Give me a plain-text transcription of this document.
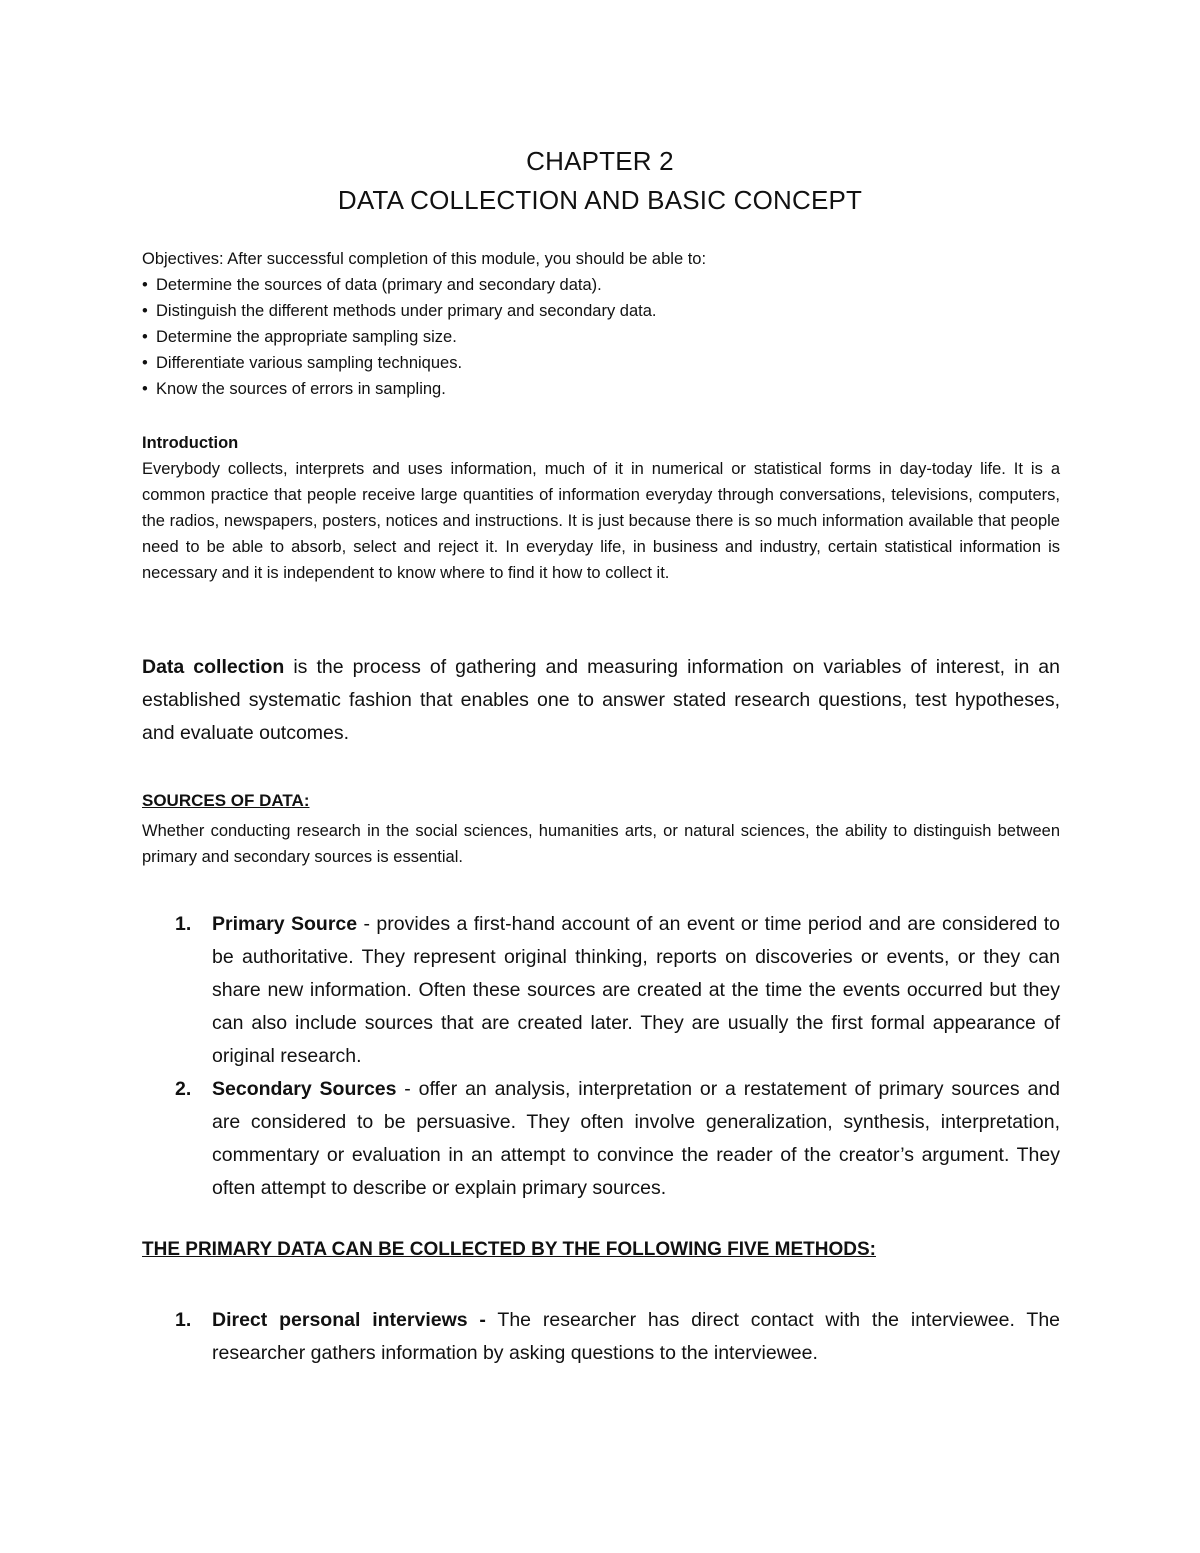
CHAPTER 2
DATA COLLECTION AND BASIC CONCEPT

Objectives: After successful completion of this module, you should be able to:

• Determine the sources of data (primary and secondary data).

• Distinguish the different methods under primary and secondary data.

• Determine the appropriate sampling size.

• Differentiate various sampling techniques.

• Know the sources of errors in sampling.

Introduction

Everybody collects, interprets and uses information, much of it in numerical or statistical forms in day-today life. It is a common practice that people receive large quantities of information everyday through conversations, televisions, computers, the radios, newspapers, posters, notices and instructions. It is just because there is so much information available that people need to be able to absorb, select and reject it. In everyday life, in business and industry, certain statistical information is necessary and it is independent to know where to find it how to collect it.

Data collection is the process of gathering and measuring information on variables of interest, in an established systematic fashion that enables one to answer stated research questions, test hypotheses, and evaluate outcomes.

SOURCES OF DATA:

Whether conducting research in the social sciences, humanities arts, or natural sciences, the ability to distinguish between primary and secondary sources is essential.

1. Primary Source - provides a first-hand account of an event or time period and are considered to be authoritative. They represent original thinking, reports on discoveries or events, or they can share new information. Often these sources are created at the time the events occurred but they can also include sources that are created later. They are usually the first formal appearance of original research.
2. Secondary Sources - offer an analysis, interpretation or a restatement of primary sources and are considered to be persuasive. They often involve generalization, synthesis, interpretation, commentary or evaluation in an attempt to convince the reader of the creator’s argument. They often attempt to describe or explain primary sources.
THE PRIMARY DATA CAN BE COLLECTED BY THE FOLLOWING FIVE METHODS:
1. Direct personal interviews - The researcher has direct contact with the interviewee. The researcher gathers information by asking questions to the interviewee.
